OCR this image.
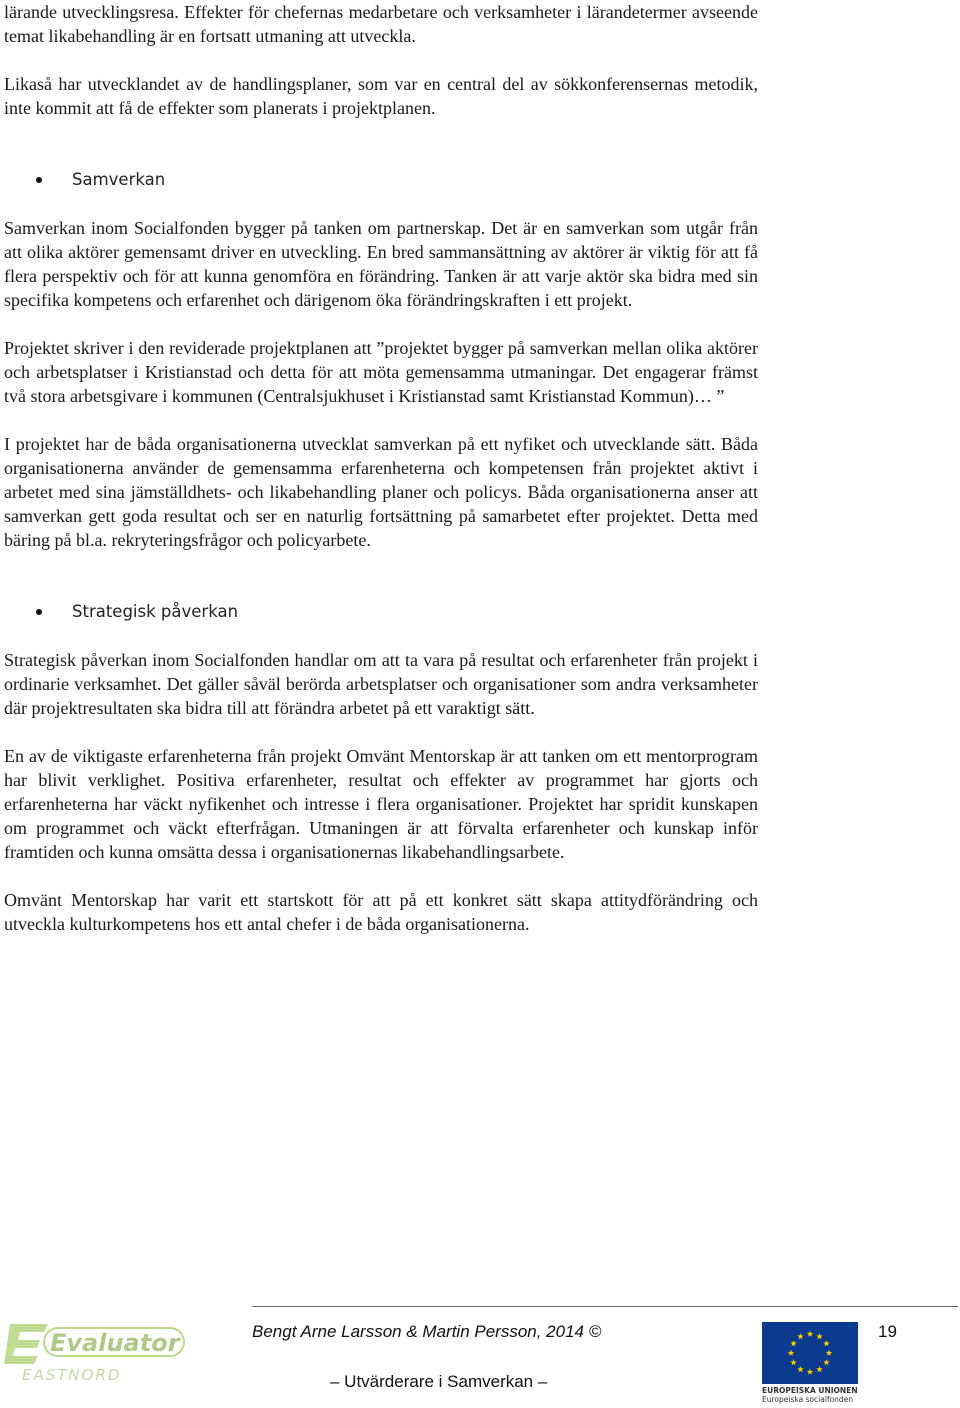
lärande utvecklingsresa. Effekter för chefernas medarbetare och verksamheter i lärandetermer avseende temat likabehandling är en fortsatt utmaning att utveckla.

Likaså har utvecklandet av de handlingsplaner, som var en central del av sökkonferensernas metodik, inte kommit att få de effekter som planerats i projektplanen.

Samverkan

Samverkan inom Socialfonden bygger på tanken om partnerskap. Det är en samverkan som utgår från att olika aktörer gemensamt driver en utveckling. En bred sammansättning av aktörer är viktig för att få flera perspektiv och för att kunna genomföra en förändring. Tanken är att varje aktör ska bidra med sin specifika kompetens och erfarenhet och därigenom öka förändringskraften i ett projekt.

Projektet skriver i den reviderade projektplanen att ”projektet bygger på samverkan mellan olika aktörer och arbetsplatser i Kristianstad och detta för att möta gemensamma utmaningar. Det engagerar främst två stora arbetsgivare i kommunen (Centralsjukhuset i Kristianstad samt Kristianstad Kommun)… ”

I projektet har de båda organisationerna utvecklat samverkan på ett nyfiket och utvecklande sätt. Båda organisationerna använder de gemensamma erfarenheterna och kompetensen från projektet aktivt i arbetet med sina jämställdhets- och likabehandling planer och policys. Båda organisationerna anser att samverkan gett goda resultat och ser en naturlig fortsättning på samarbetet efter projektet. Detta med bäring på bl.a. rekryteringsfrågor och policyarbete.

Strategisk påverkan

Strategisk påverkan inom Socialfonden handlar om att ta vara på resultat och erfarenheter från projekt i ordinarie verksamhet. Det gäller såväl berörda arbetsplatser och organisationer som andra verksamheter där projektresultaten ska bidra till att förändra arbetet på ett varaktigt sätt.

En av de viktigaste erfarenheterna från projekt Omvänt Mentorskap är att tanken om ett mentorprogram har blivit verklighet. Positiva erfarenheter, resultat och effekter av programmet har gjorts och erfarenheterna har väckt nyfikenhet och intresse i flera organisationer. Projektet har spridit kunskapen om programmet och väckt efterfrågan. Utmaningen är att förvalta erfarenheter och kunskap inför framtiden och kunna omsätta dessa i organisationernas likabehandlingsarbete.

Omvänt Mentorskap har varit ett startskott för att på ett konkret sätt skapa attitydförändring och utveckla kulturkompetens hos ett antal chefer i de båda organisationerna.

Evaluator
EASTNORD
Bengt Arne Larsson & Martin Persson, 2014 ©
– Utvärderare i Samverkan –	EUROPEISKA UNIONEN
Europeiska socialfonden
19
